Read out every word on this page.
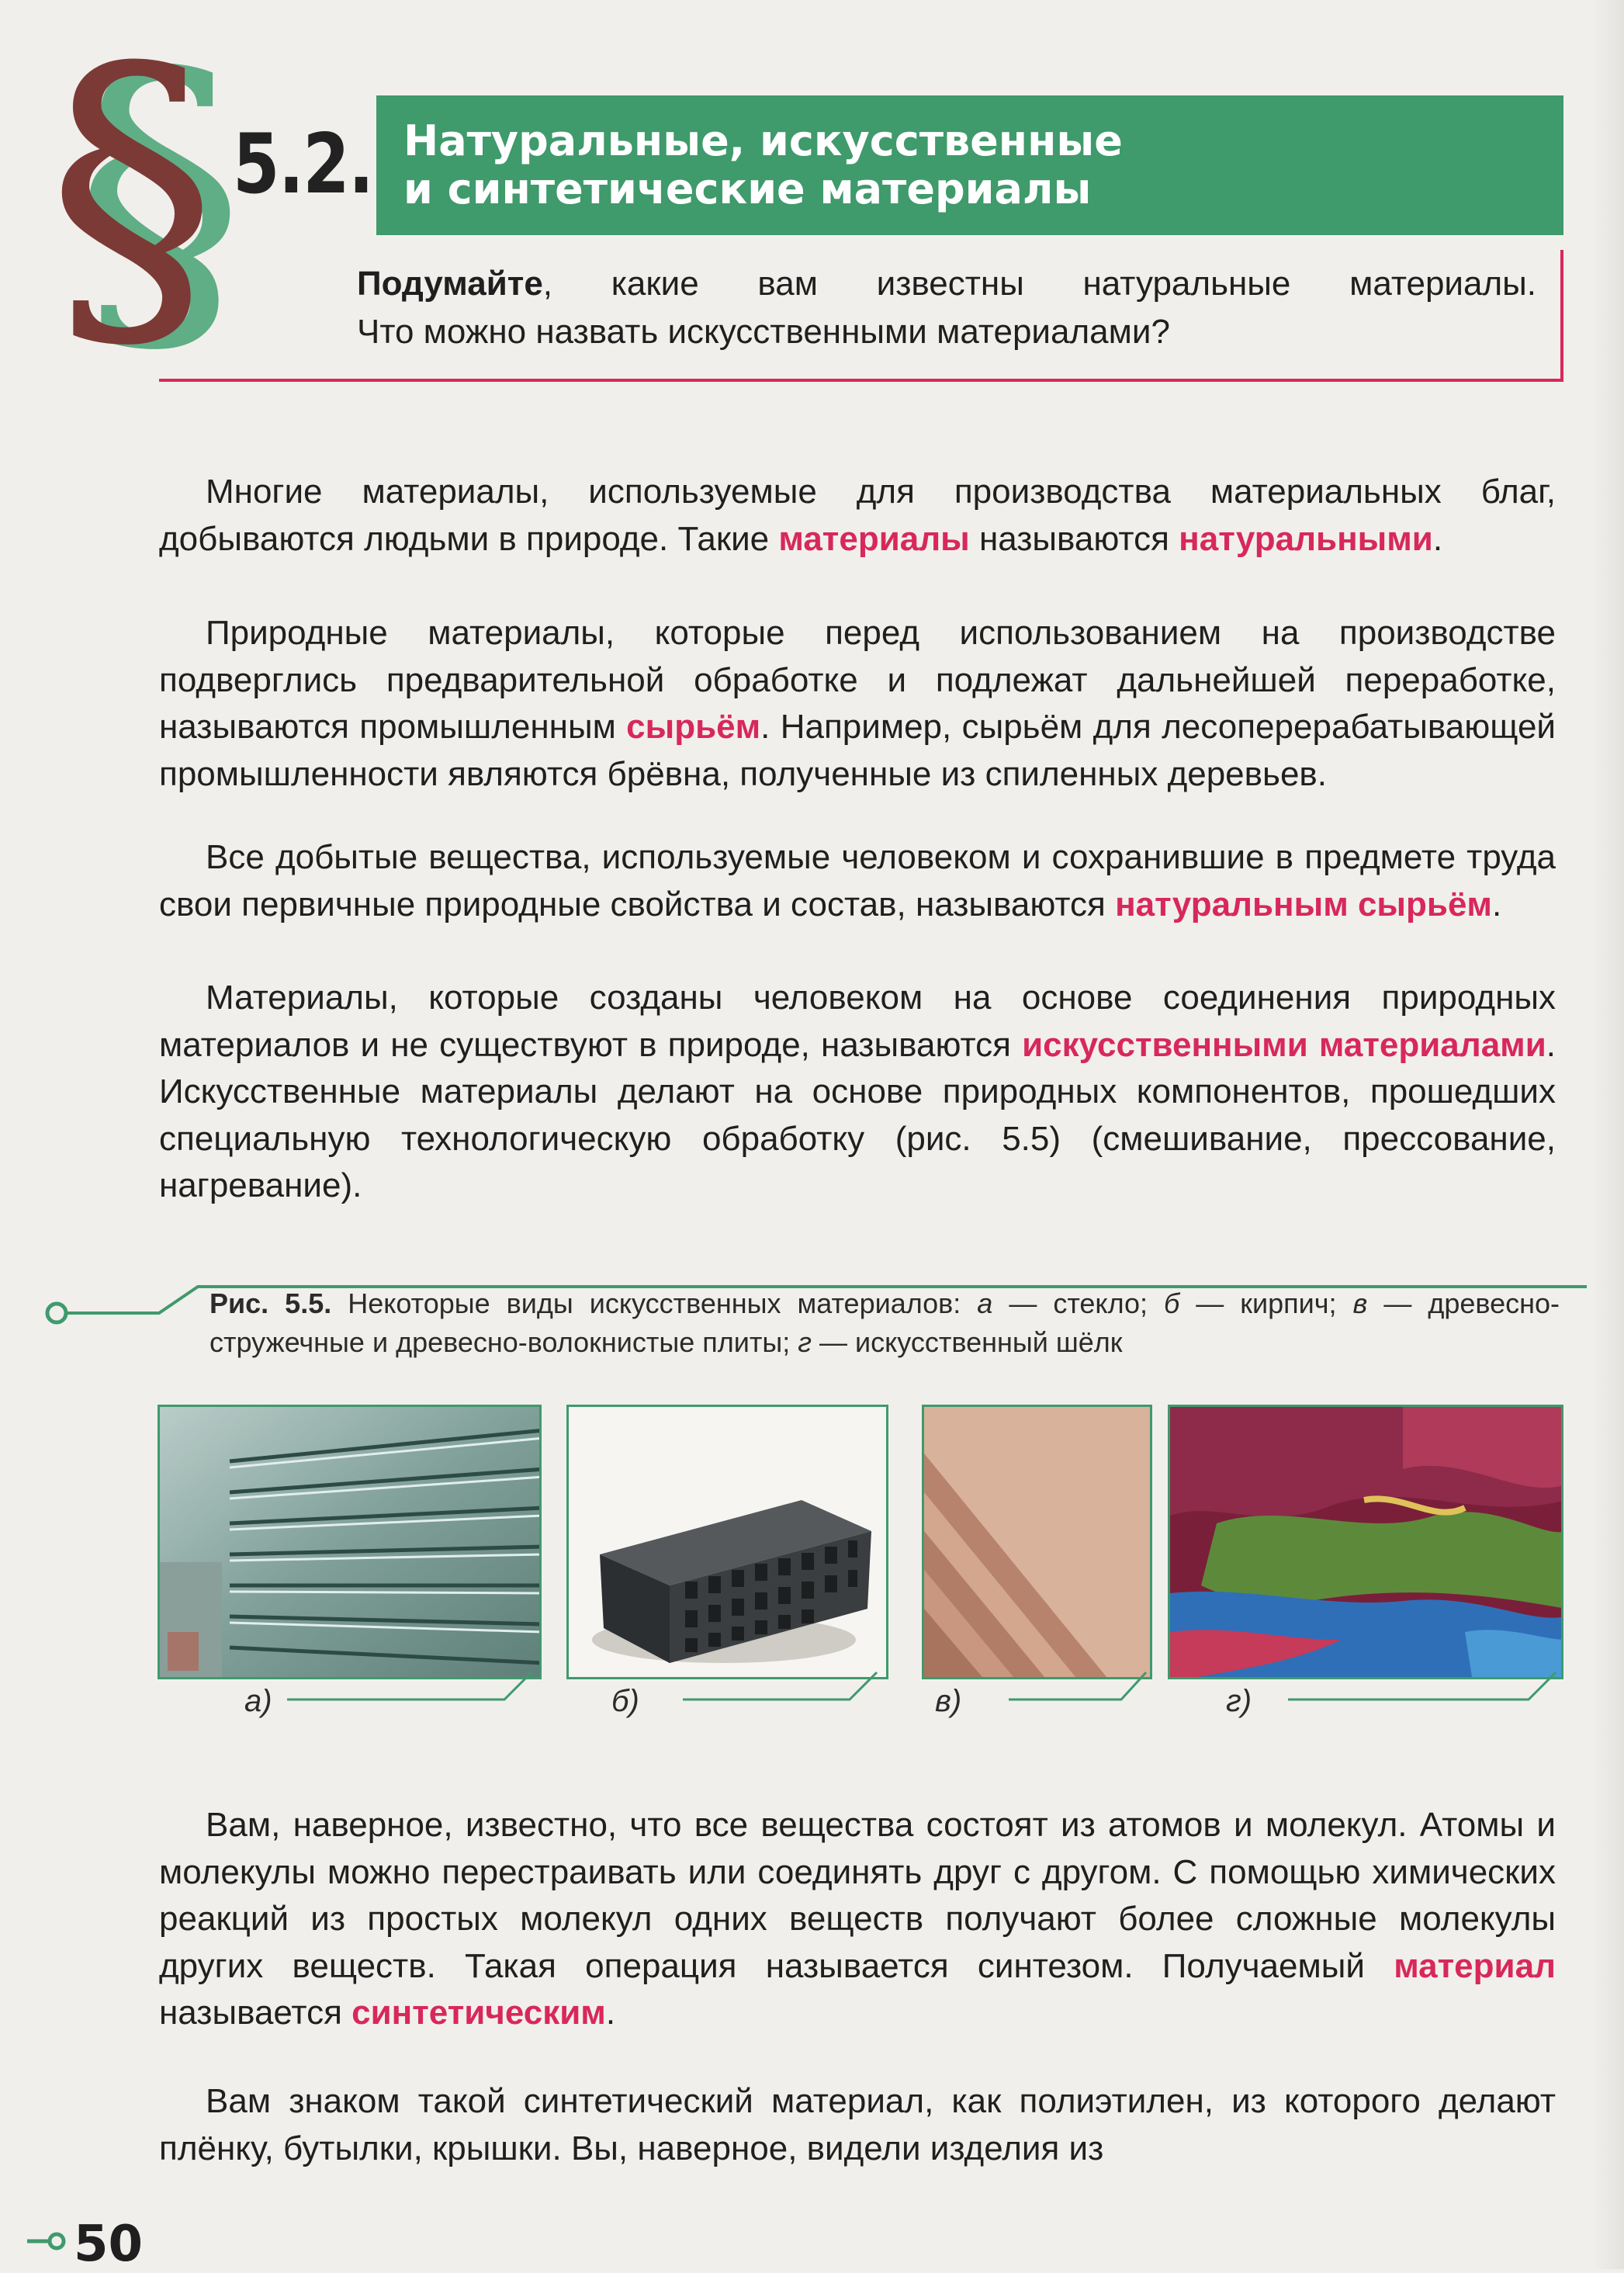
§ 5.2. Натуральные, искусственные
и синтетические материалы
Подумайте, какие вам известны натуральные материалы.
Что можно назвать искусственными материалами?
Многие материалы, используемые для производства материальных благ, добываются людьми в природе. Такие материалы называются натуральными.
Природные материалы, которые перед использованием на производстве подверглись предварительной обработке и подлежат дальнейшей переработке, называются промышленным сырьём. Например, сырьём для лесоперерабатывающей промышленности являются брёвна, полученные из спиленных деревьев.
Все добытые вещества, используемые человеком и сохранившие в предмете труда свои первичные природные свойства и состав, называются натуральным сырьём.
Материалы, которые созданы человеком на основе соединения природных материалов и не существуют в природе, называются искусственными материалами. Искусственные материалы делают на основе природных компонентов, прошедших специальную технологическую обработку (рис. 5.5) (смешивание, прессование, нагревание).
Рис. 5.5. Некоторые виды искусственных материалов: а — стекло; б — кирпич; в — древесно-стружечные и древесно-волокнистые плиты; г — искусственный шёлк
а)	б)	в)	г)
Вам, наверное, известно, что все вещества состоят из атомов и молекул. Атомы и молекулы можно перестраивать или соединять друг с другом. С помощью химических реакций из простых молекул одних веществ получают более сложные молекулы других веществ. Такая операция называется синтезом. Получаемый материал называется синтетическим.
Вам знаком такой синтетический материал, как полиэтилен, из которого делают плёнку, бутылки, крышки. Вы, наверное, видели изделия из
50
